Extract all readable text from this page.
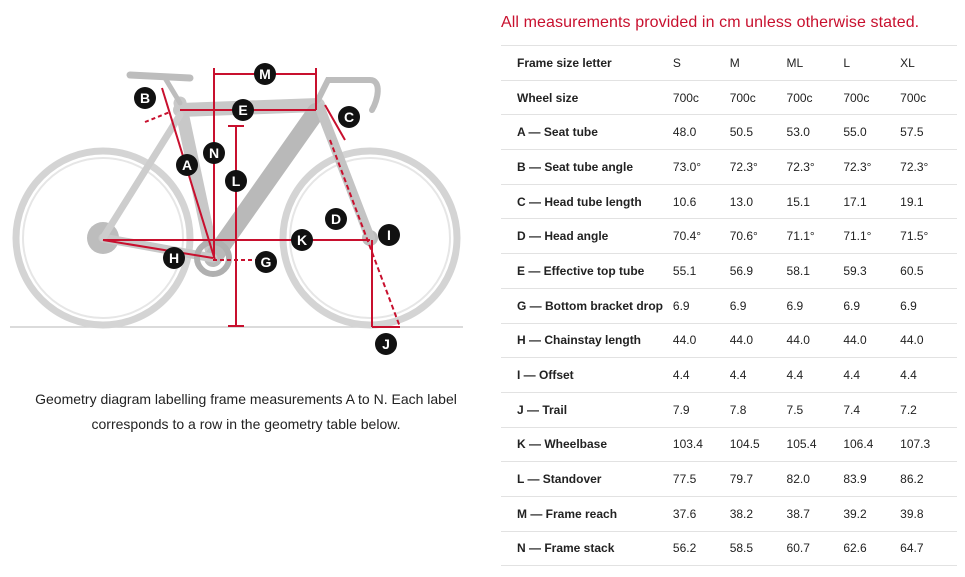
M
B
E	C
N
A
L
D
I
K
H	G
J
Geometry diagram labelling frame measurements A to N. Each label corresponds to a row in the geometry table below.
All measurements provided in cm unless otherwise stated.
Frame size letter	S	M	ML	L	XL
Wheel size	700c	700c	700c	700c	700c
A — Seat tube	48.0	50.5	53.0	55.0	57.5
B — Seat tube angle	73.0°	72.3°	72.3°	72.3°	72.3°
C — Head tube length	10.6	13.0	15.1	17.1	19.1
D — Head angle	70.4°	70.6°	71.1°	71.1°	71.5°
E — Effective top tube	55.1	56.9	58.1	59.3	60.5
G — Bottom bracket drop	6.9	6.9	6.9	6.9	6.9
H — Chainstay length	44.0	44.0	44.0	44.0	44.0
I — Offset	4.4	4.4	4.4	4.4	4.4
J — Trail	7.9	7.8	7.5	7.4	7.2
K — Wheelbase	103.4	104.5	105.4	106.4	107.3
L — Standover	77.5	79.7	82.0	83.9	86.2
M — Frame reach	37.6	38.2	38.7	39.2	39.8
N — Frame stack	56.2	58.5	60.7	62.6	64.7
